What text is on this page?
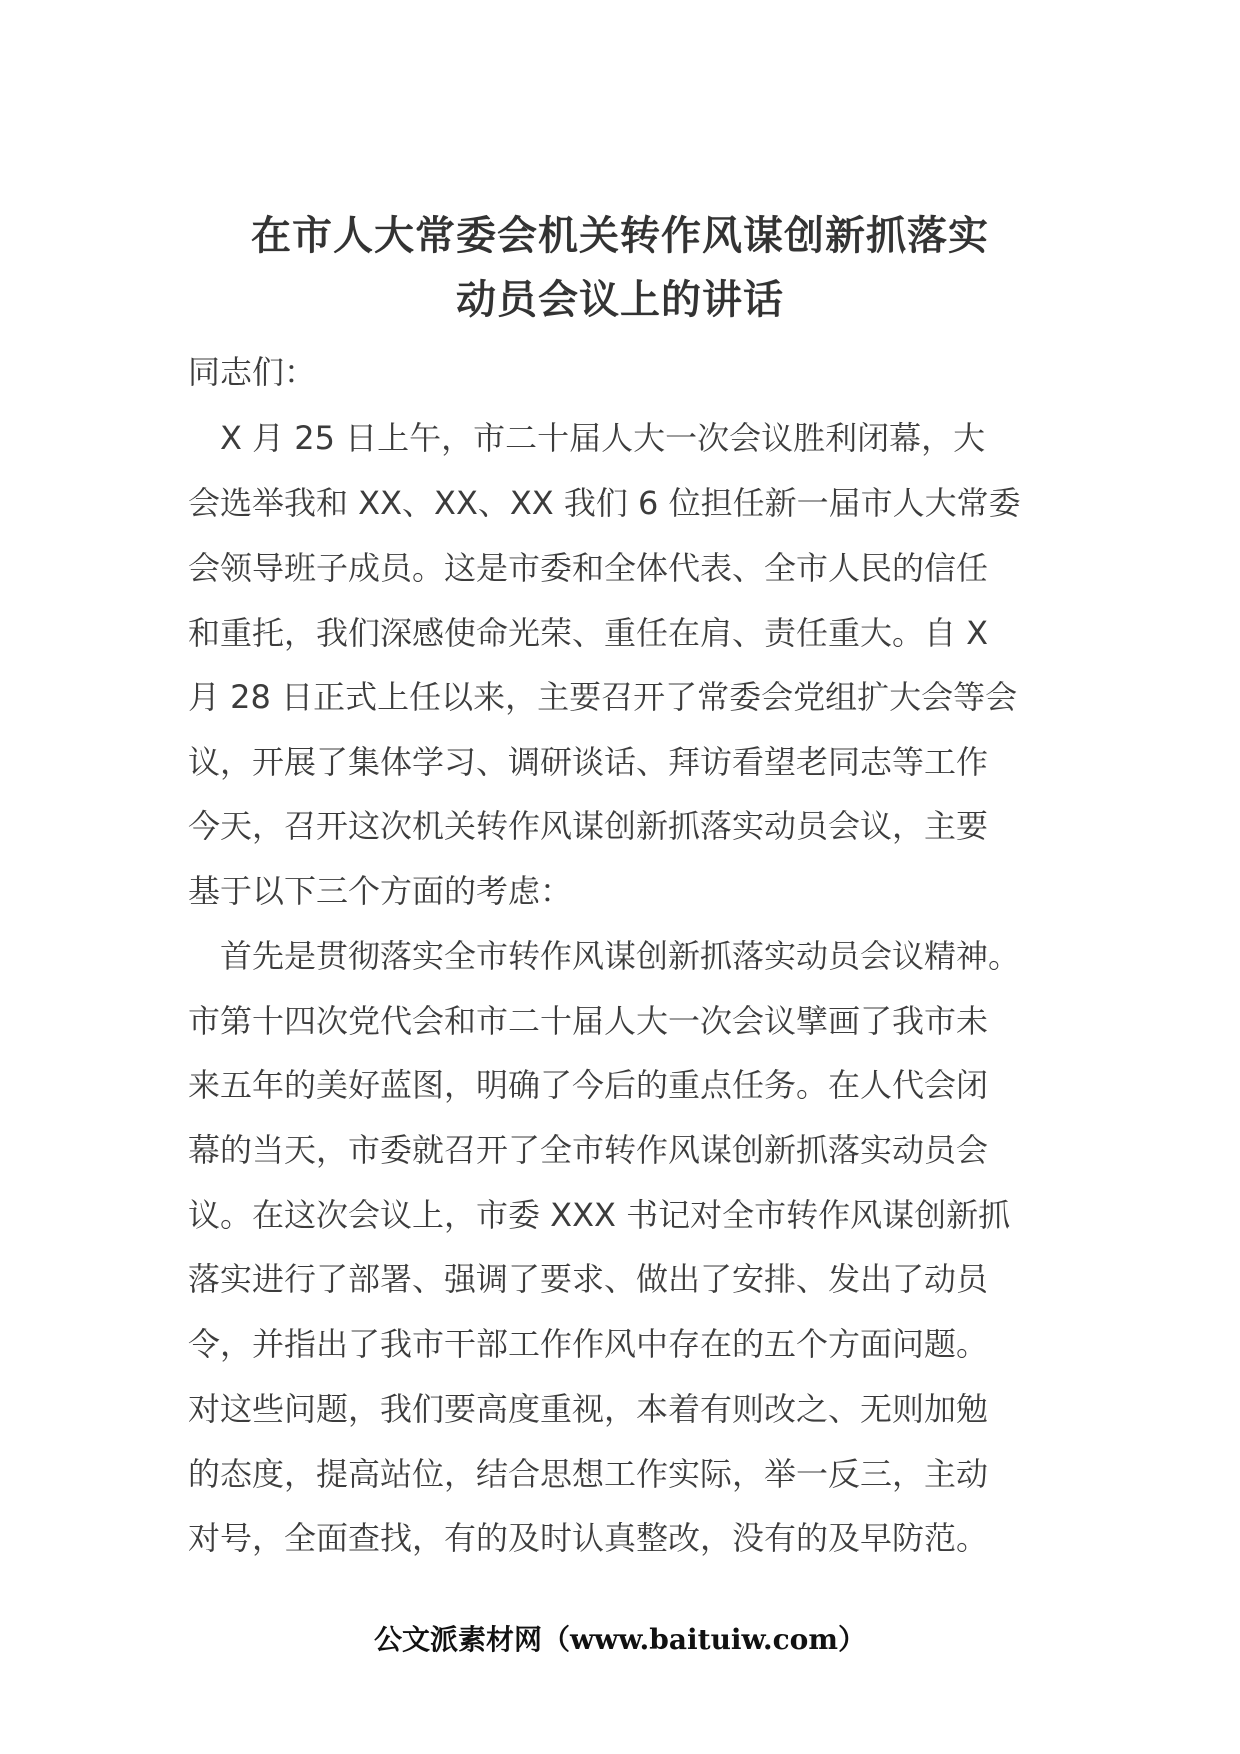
在市人大常委会机关转作风谋创新抓落实
动员会议上的讲话
同志们：
　X 月 25 日上午，市二十届人大一次会议胜利闭幕，大
会选举我和 XX、XX、XX 我们 6 位担任新一届市人大常委
会领导班子成员。这是市委和全体代表、全市人民的信任
和重托，我们深感使命光荣、重任在肩、责任重大。自 X
月 28 日正式上任以来，主要召开了常委会党组扩大会等会
议，开展了集体学习、调研谈话、拜访看望老同志等工作
今天，召开这次机关转作风谋创新抓落实动员会议，主要
基于以下三个方面的考虑：
　首先是贯彻落实全市转作风谋创新抓落实动员会议精神。
市第十四次党代会和市二十届人大一次会议擘画了我市未
来五年的美好蓝图，明确了今后的重点任务。在人代会闭
幕的当天，市委就召开了全市转作风谋创新抓落实动员会
议。在这次会议上，市委 XXX 书记对全市转作风谋创新抓
落实进行了部署、强调了要求、做出了安排、发出了动员
令，并指出了我市干部工作作风中存在的五个方面问题。
对这些问题，我们要高度重视，本着有则改之、无则加勉
的态度，提高站位，结合思想工作实际，举一反三，主动
对号，全面查找，有的及时认真整改，没有的及早防范。
公文派素材网（www.baituiw.com）
